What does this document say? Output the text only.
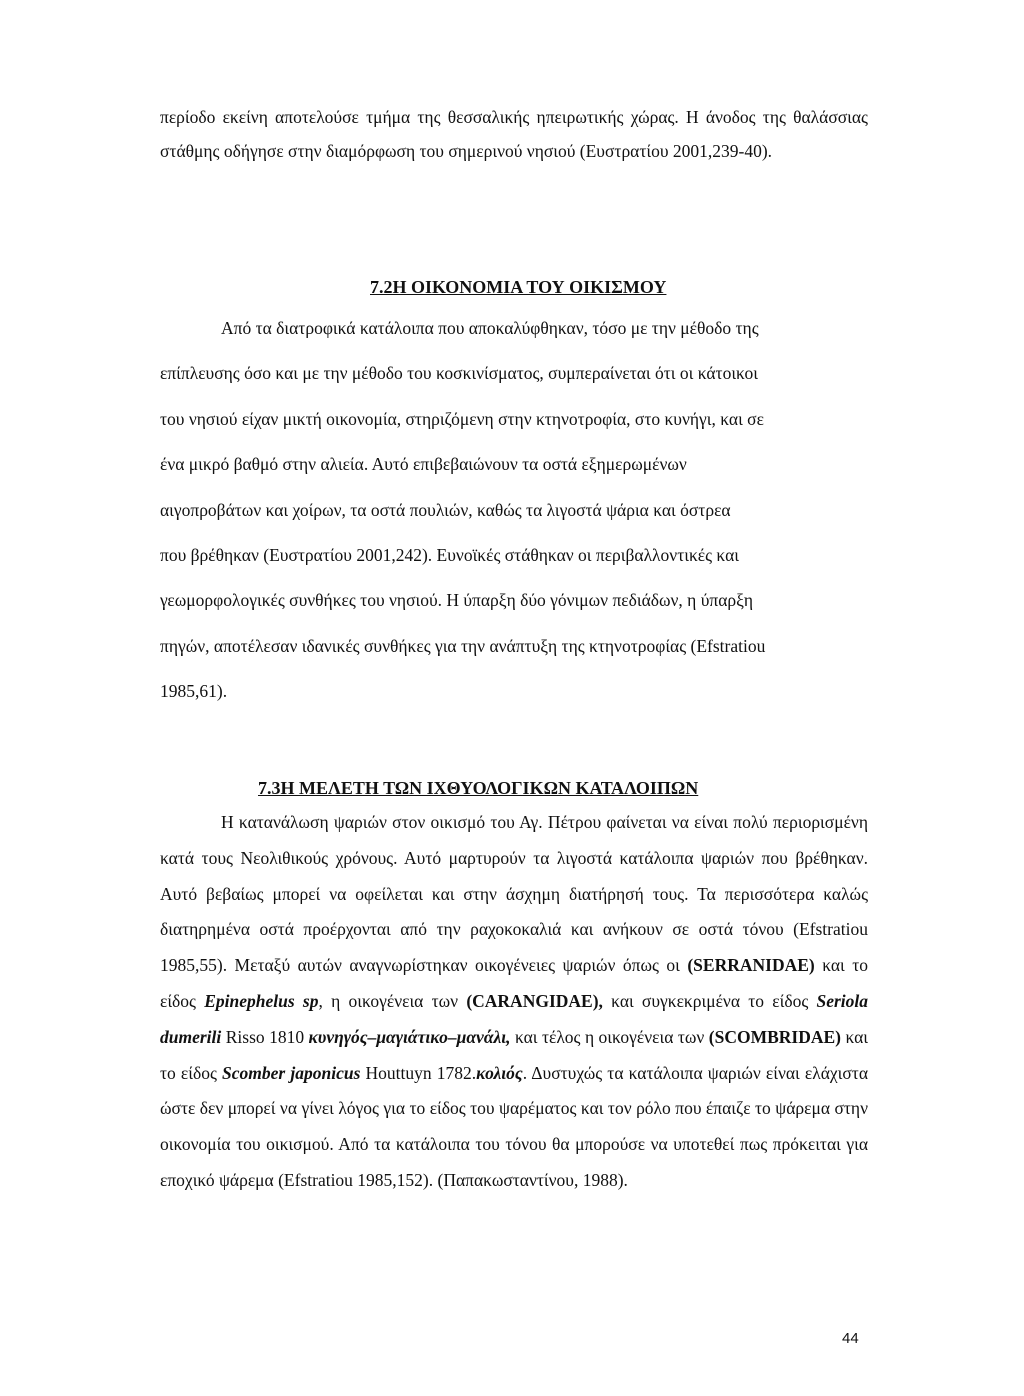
περίοδο εκείνη αποτελούσε τμήμα της θεσσαλικής ηπειρωτικής χώρας. Η άνοδος της θαλάσσιας στάθμης οδήγησε στην διαμόρφωση του σημερινού νησιού (Ευστρατίου 2001,239-40).

7.2Η ΟΙΚΟΝΟΜΙΑ ΤΟΥ ΟΙΚΙΣΜΟΥ
Από τα διατροφικά κατάλοιπα που αποκαλύφθηκαν, τόσο με την μέθοδο της
επίπλευσης όσο και με την μέθοδο του κοσκινίσματος, συμπεραίνεται ότι οι κάτοικοι
του νησιού είχαν μικτή οικονομία, στηριζόμενη στην κτηνοτροφία, στο κυνήγι, και σε
ένα μικρό βαθμό στην αλιεία. Αυτό επιβεβαιώνουν τα οστά εξημερωμένων
αιγοπροβάτων και χοίρων, τα οστά πουλιών, καθώς τα λιγοστά ψάρια και όστρεα
που βρέθηκαν (Ευστρατίου 2001,242). Ευνοϊκές στάθηκαν οι περιβαλλοντικές και
γεωμορφολογικές συνθήκες του νησιού. Η ύπαρξη δύο γόνιμων πεδιάδων, η ύπαρξη
πηγών, αποτέλεσαν ιδανικές συνθήκες για την ανάπτυξη της κτηνοτροφίας (Efstratiou
1985,61).
7.3Η ΜΕΛΕΤΗ ΤΩΝ ΙΧΘΥΟΛΟΓΙΚΩΝ ΚΑΤΑΛΟΙΠΩΝ

Η κατανάλωση ψαριών στον οικισμό του Αγ. Πέτρου φαίνεται να είναι πολύ περιορισμένη κατά τους Νεολιθικούς χρόνους. Αυτό μαρτυρούν τα λιγοστά κατάλοιπα ψαριών που βρέθηκαν. Αυτό βεβαίως μπορεί να οφείλεται και στην άσχημη διατήρησή τους. Τα περισσότερα καλώς διατηρημένα οστά προέρχονται από την ραχοκοκαλιά και ανήκουν σε οστά τόνου (Efstratiou 1985,55). Μεταξύ αυτών αναγνωρίστηκαν οικογένειες ψαριών όπως οι (SERRANIDAE) και το είδος Epinephelus sp, η οικογένεια των (CARANGIDAE), και συγκεκριμένα το είδος Seriola dumerili Risso 1810 κυνηγός–μαγιάτικο–μανάλι, και τέλος η οικογένεια των (SCOMBRIDAE) και το είδος Scomber japonicus Houttuyn 1782.κολιός. Δυστυχώς τα κατάλοιπα ψαριών είναι ελάχιστα ώστε δεν μπορεί να γίνει λόγος για το είδος του ψαρέματος και τον ρόλο που έπαιζε το ψάρεμα στην οικονομία του οικισμού. Από τα κατάλοιπα του τόνου θα μπορούσε να υποτεθεί πως πρόκειται για εποχικό ψάρεμα (Efstratiou 1985,152). (Παπακωσταντίνου, 1988).

44
